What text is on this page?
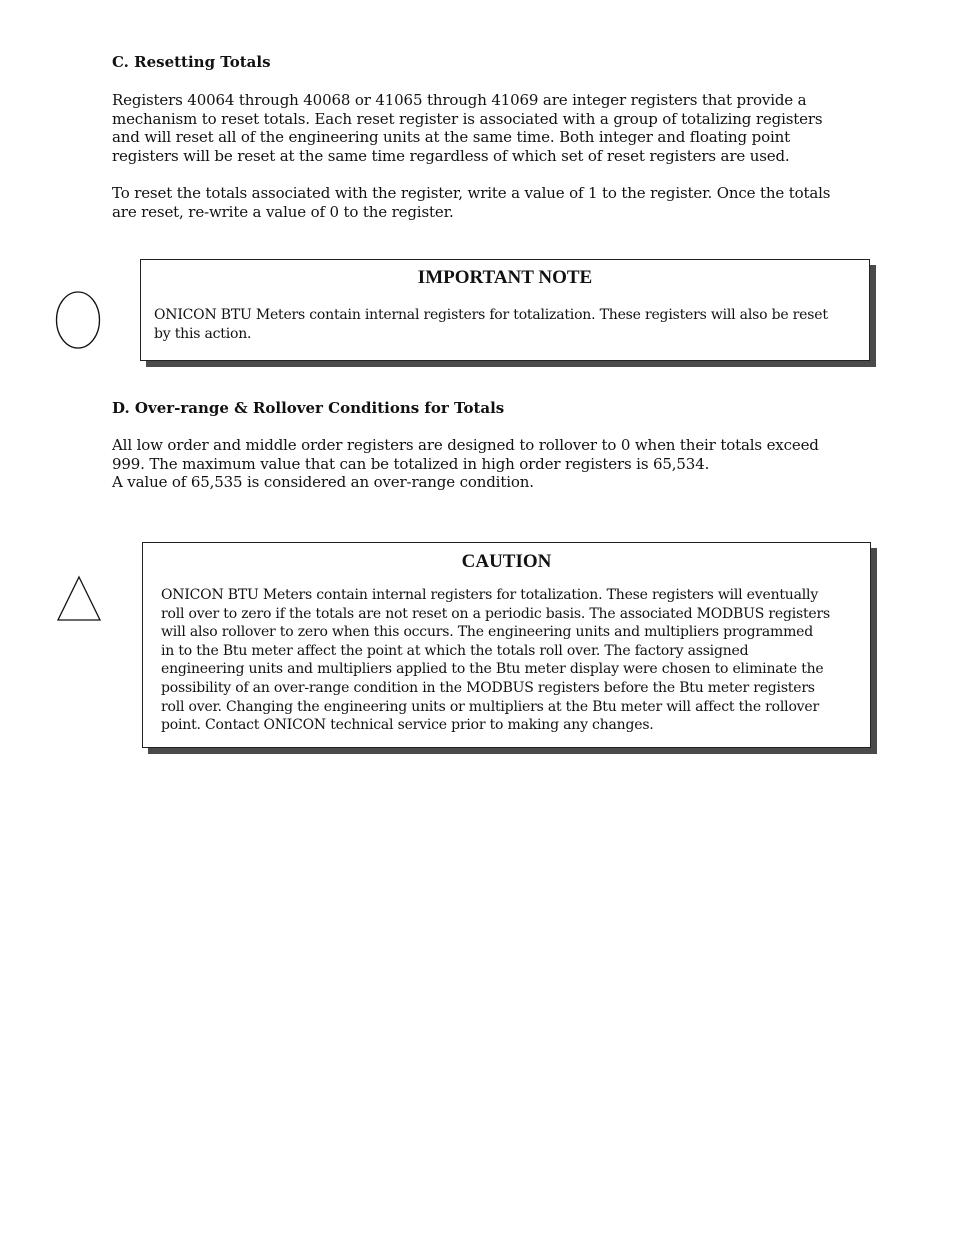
C. Resetting Totals

Registers 40064 through 40068 or 41065 through 41069 are integer registers that provide a
mechanism to reset totals. Each reset register is associated with a group of totalizing registers
and will reset all of the engineering units at the same time. Both integer and floating point
registers will be reset at the same time regardless of which set of reset registers are used.

To reset the totals associated with the register, write a value of 1 to the register. Once the totals
are reset, re-write a value of 0 to the register.

IMPORTANT NOTE

ONICON BTU Meters contain internal registers for totalization. These registers will also be reset
by this action.

D. Over-range & Rollover Conditions for Totals

All low order and middle order registers are designed to rollover to 0 when their totals exceed
999. The maximum value that can be totalized in high order registers is 65,534.
A value of 65,535 is considered an over-range condition.

CAUTION

ONICON BTU Meters contain internal registers for totalization. These registers will eventually
roll over to zero if the totals are not reset on a periodic basis. The associated MODBUS registers
will also rollover to zero when this occurs. The engineering units and multipliers programmed
in to the Btu meter affect the point at which the totals roll over. The factory assigned
engineering units and multipliers applied to the Btu meter display were chosen to eliminate the
possibility of an over-range condition in the MODBUS registers before the Btu meter registers
roll over. Changing the engineering units or multipliers at the Btu meter will affect the rollover
point. Contact ONICON technical service prior to making any changes.
